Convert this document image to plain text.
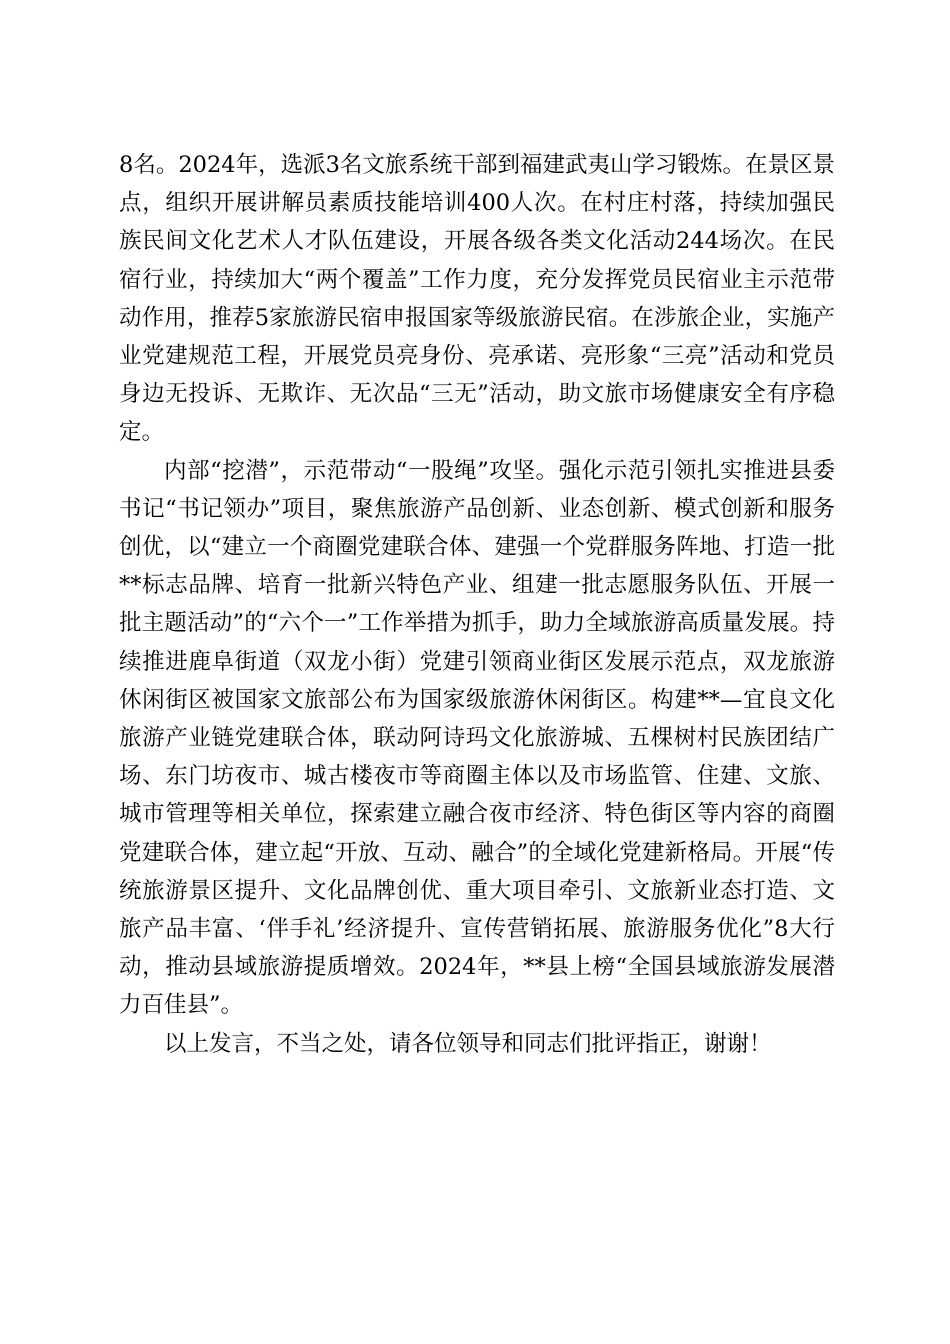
8名。2024年，选派3名文旅系统干部到福建武夷山学习锻炼。在景区景点，组织开展讲解员素质技能培训400人次。在村庄村落，持续加强民族民间文化艺术人才队伍建设，开展各级各类文化活动244场次。在民宿行业，持续加大“两个覆盖”工作力度，充分发挥党员民宿业主示范带动作用，推荐5家旅游民宿申报国家等级旅游民宿。在涉旅企业，实施产业党建规范工程，开展党员亮身份、亮承诺、亮形象“三亮”活动和党员身边无投诉、无欺诈、无次品“三无”活动，助文旅市场健康安全有序稳定。

内部“挖潜”，示范带动“一股绳”攻坚。强化示范引领扎实推进县委书记“书记领办”项目，聚焦旅游产品创新、业态创新、模式创新和服务创优，以“建立一个商圈党建联合体、建强一个党群服务阵地、打造一批**标志品牌、培育一批新兴特色产业、组建一批志愿服务队伍、开展一批主题活动”的“六个一”工作举措为抓手，助力全域旅游高质量发展。持续推进鹿阜街道（双龙小街）党建引领商业街区发展示范点，双龙旅游休闲街区被国家文旅部公布为国家级旅游休闲街区。构建**—宜良文化旅游产业链党建联合体，联动阿诗玛文化旅游城、五棵树村民族团结广场、东门坊夜市、城古楼夜市等商圈主体以及市场监管、住建、文旅、城市管理等相关单位，探索建立融合夜市经济、特色街区等内容的商圈党建联合体，建立起“开放、互动、融合”的全域化党建新格局。开展“传统旅游景区提升、文化品牌创优、重大项目牵引、文旅新业态打造、文旅产品丰富、‘伴手礼’经济提升、宣传营销拓展、旅游服务优化”8大行动，推动县域旅游提质增效。2024年，**县上榜“全国县域旅游发展潜力百佳县”。

以上发言，不当之处，请各位领导和同志们批评指正，谢谢！
